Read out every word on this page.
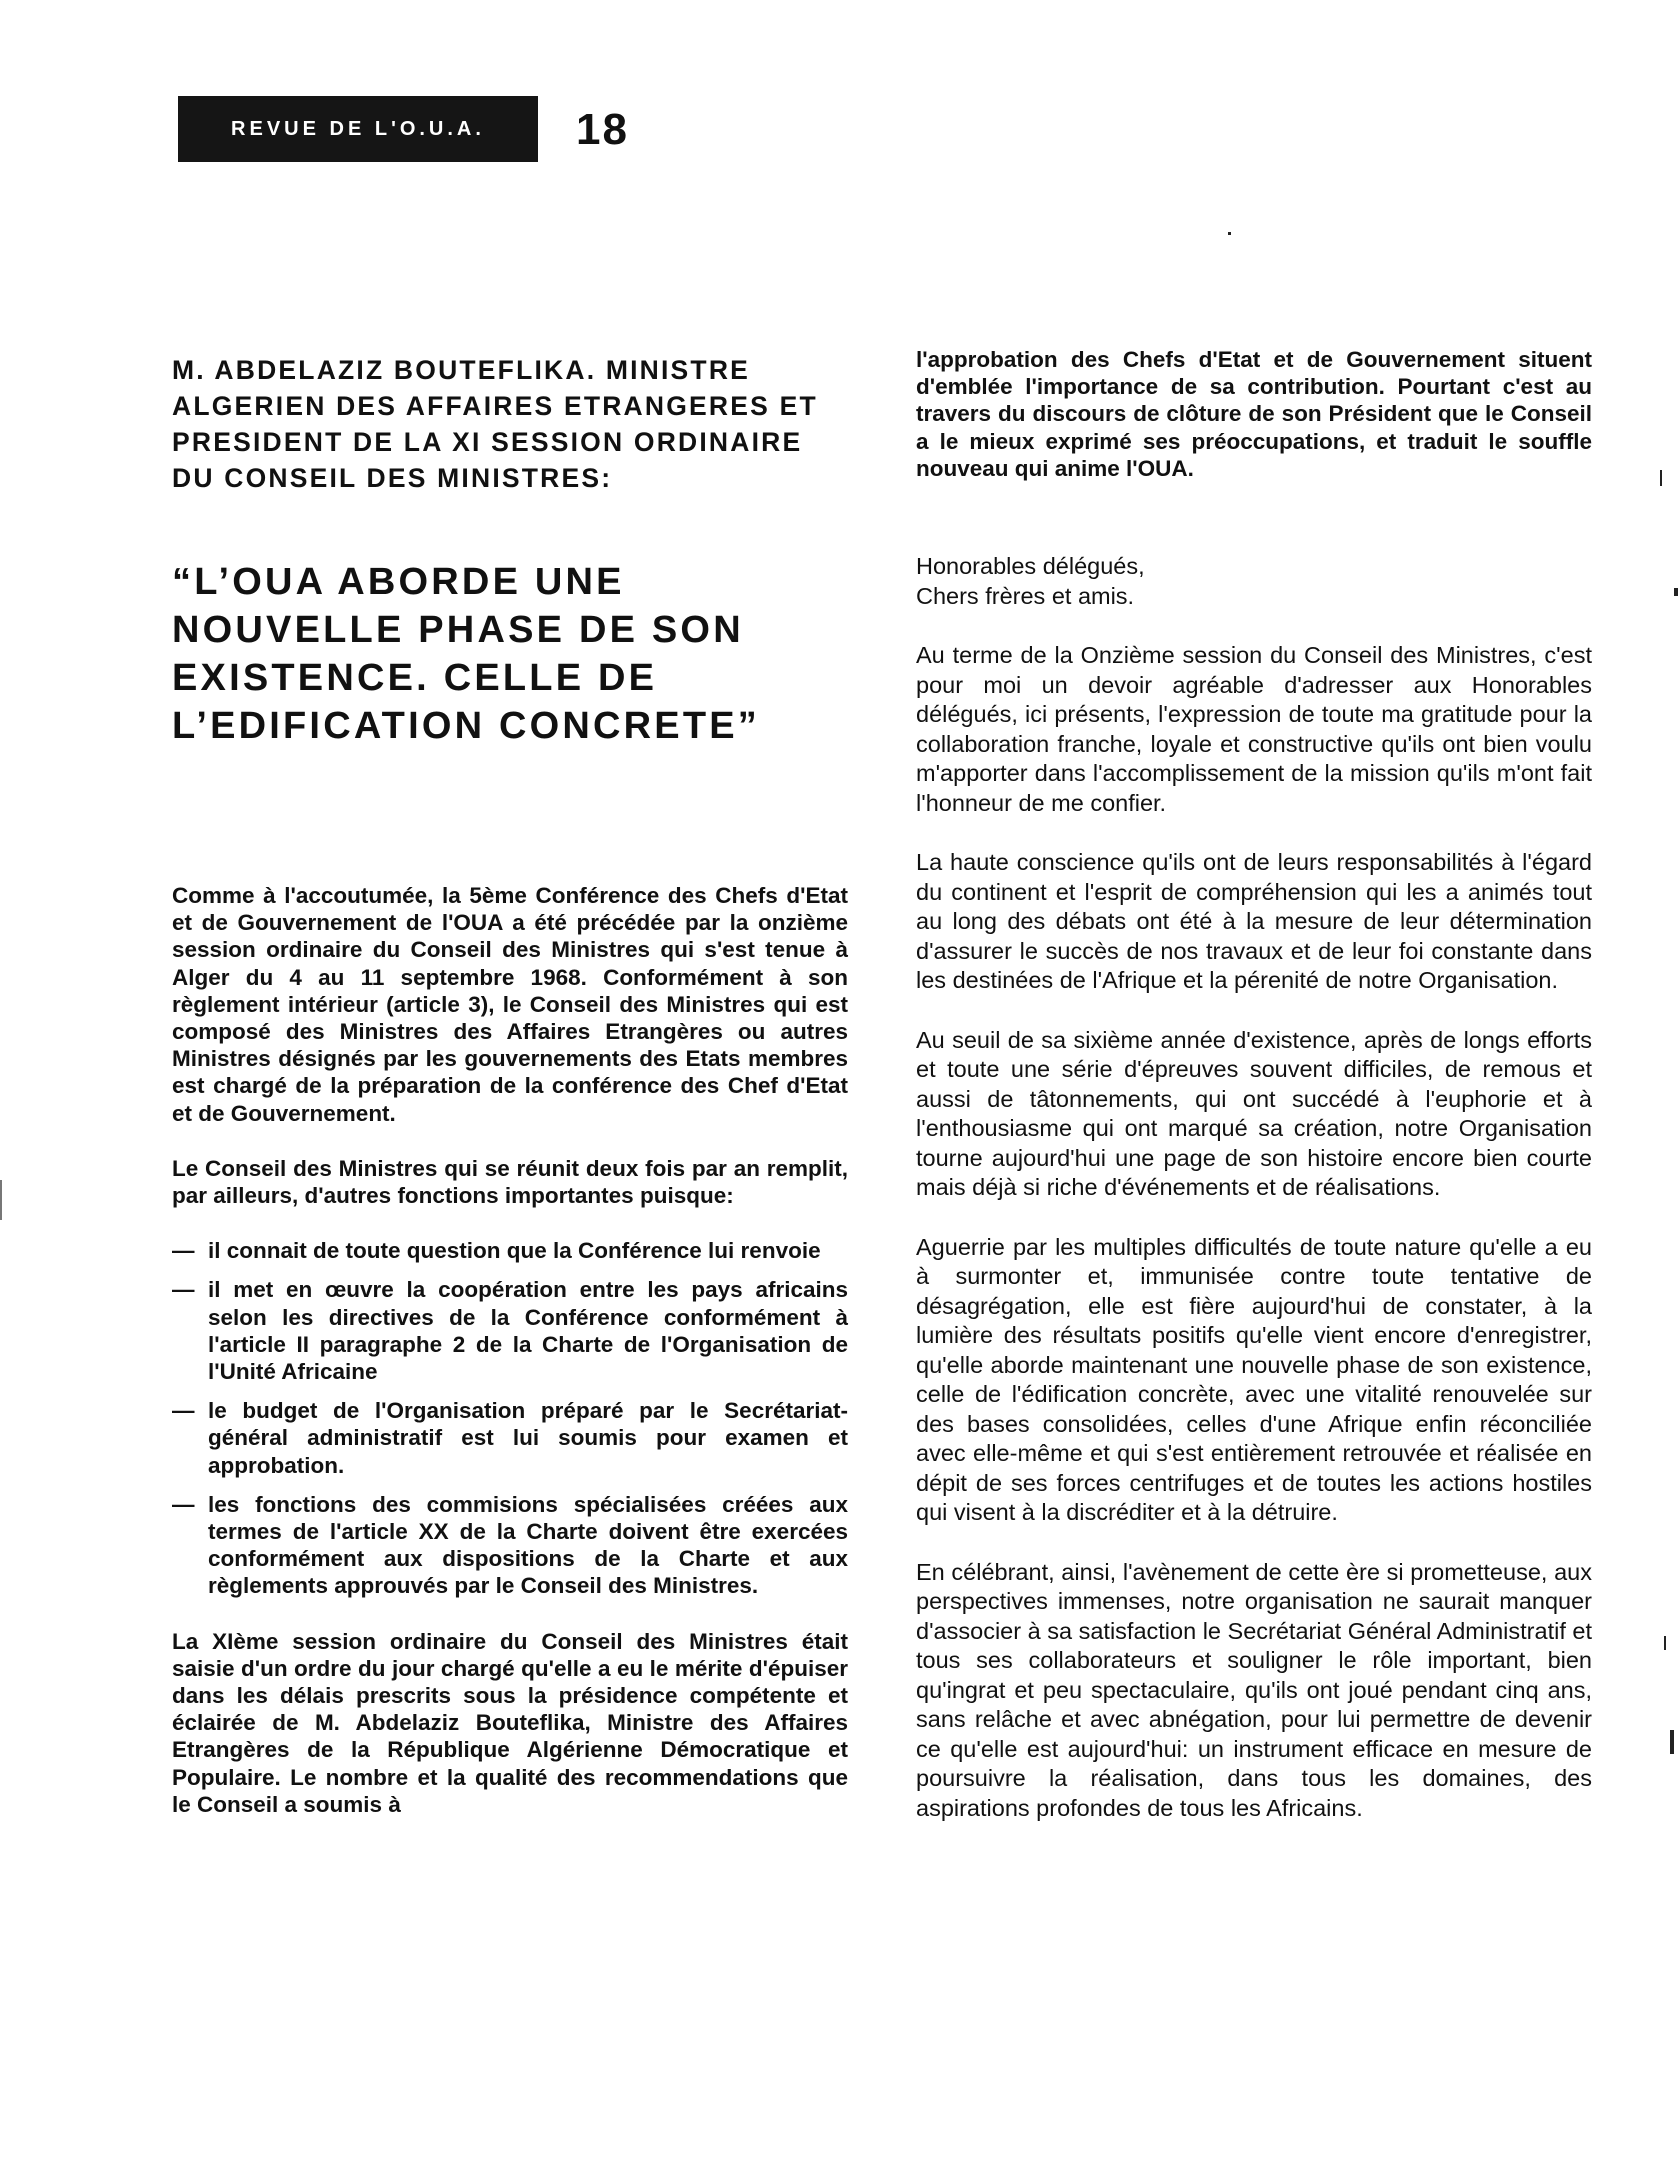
REVUE DE L'O.U.A. 18
M. ABDELAZIZ BOUTEFLIKA. MINISTRE
ALGERIEN DES AFFAIRES ETRANGERES ET
PRESIDENT DE LA XI SESSION ORDINAIRE
DU CONSEIL DES MINISTRES:
“L’OUA ABORDE UNE
NOUVELLE PHASE DE SON
EXISTENCE. CELLE DE
L’EDIFICATION CONCRETE”

Comme à l'accoutumée, la 5ème Conférence des Chefs d'Etat et de Gouvernement de l'OUA a été précédée par la onzième session ordinaire du Conseil des Ministres qui s'est tenue à Alger du 4 au 11 septembre 1968. Conformément à son règlement intérieur (article 3), le Conseil des Ministres qui est composé des Ministres des Affaires Etrangères ou autres Ministres désignés par les gouvernements des Etats membres est chargé de la préparation de la conférence des Chef d'Etat et de Gouvernement.

Le Conseil des Ministres qui se réunit deux fois par an remplit, par ailleurs, d'autres fonctions importantes puisque:

— il connait de toute question que la Conférence lui renvoie

— il met en œuvre la coopération entre les pays africains selon les directives de la Conférence conformément à l'article II paragraphe 2 de la Charte de l'Organisation de l'Unité Africaine

— le budget de l'Organisation préparé par le Secrétariat-général administratif est lui soumis pour examen et approbation.

— les fonctions des commisions spécialisées créées aux termes de l'article XX de la Charte doivent être exercées conformément aux dispositions de la Charte et aux règlements approuvés par le Conseil des Ministres.

La XIème session ordinaire du Conseil des Ministres était saisie d'un ordre du jour chargé qu'elle a eu le mérite d'épuiser dans les délais prescrits sous la présidence compétente et éclairée de M. Abdelaziz Bouteflika, Ministre des Affaires Etrangères de la République Algérienne Démocratique et Populaire. Le nombre et la qualité des recommendations que le Conseil a soumis à

l'approbation des Chefs d'Etat et de Gouvernement situent d'emblée l'importance de sa contribution. Pourtant c'est au travers du discours de clôture de son Président que le Conseil a le mieux exprimé ses préoccupations, et traduit le souffle nouveau qui anime l'OUA.

Honorables délégués,

Chers frères et amis.

Au terme de la Onzième session du Conseil des Ministres, c'est pour moi un devoir agréable d'adresser aux Honorables délégués, ici présents, l'expression de toute ma gratitude pour la collaboration franche, loyale et constructive qu'ils ont bien voulu m'apporter dans l'accomplissement de la mission qu'ils m'ont fait l'honneur de me confier.

La haute conscience qu'ils ont de leurs responsabilités à l'égard du continent et l'esprit de compréhension qui les a animés tout au long des débats ont été à la mesure de leur détermination d'assurer le succès de nos travaux et de leur foi constante dans les destinées de l'Afrique et la pérenité de notre Organisation.

Au seuil de sa sixième année d'existence, après de longs efforts et toute une série d'épreuves souvent difficiles, de remous et aussi de tâtonnements, qui ont succédé à l'euphorie et à l'enthousiasme qui ont marqué sa création, notre Organisation tourne aujourd'hui une page de son histoire encore bien courte mais déjà si riche d'événements et de réalisations.

Aguerrie par les multiples difficultés de toute nature qu'elle a eu à surmonter et, immunisée contre toute tentative de désagrégation, elle est fière aujourd'hui de constater, à la lumière des résultats positifs qu'elle vient encore d'enregistrer, qu'elle aborde maintenant une nouvelle phase de son existence, celle de l'édification concrète, avec une vitalité renouvelée sur des bases consolidées, celles d'une Afrique enfin réconciliée avec elle-même et qui s'est entièrement retrouvée et réalisée en dépit de ses forces centrifuges et de toutes les actions hostiles qui visent à la discréditer et à la détruire.

En célébrant, ainsi, l'avènement de cette ère si prometteuse, aux perspectives immenses, notre organisation ne saurait manquer d'associer à sa satisfaction le Secrétariat Général Administratif et tous ses collaborateurs et souligner le rôle important, bien qu'ingrat et peu spectaculaire, qu'ils ont joué pendant cinq ans, sans relâche et avec abnégation, pour lui permettre de devenir ce qu'elle est aujourd'hui: un instrument efficace en mesure de poursuivre la réalisation, dans tous les domaines, des aspirations profondes de tous les Africains.
